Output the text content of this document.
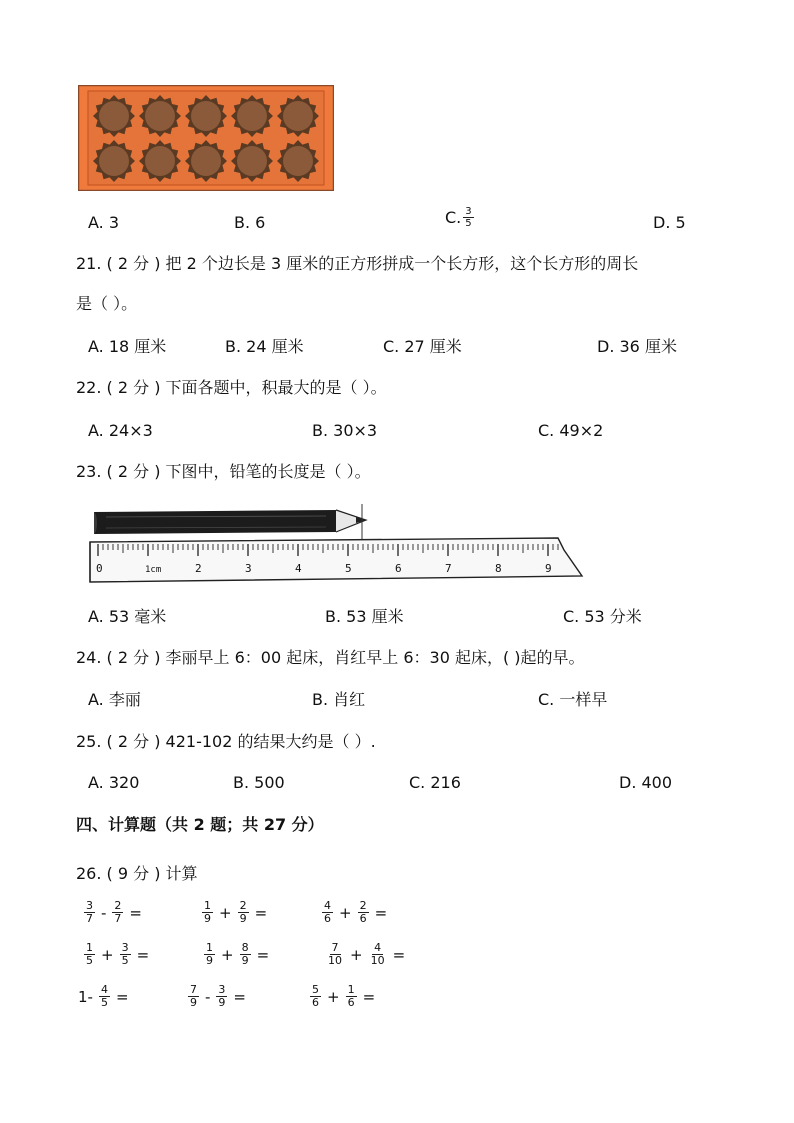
A. 3	B. 6	C. $\frac{3}{5}$	D. 5
21. ( 2 分 ) 把 2 个边长是 3 厘米的正方形拼成一个长方形，这个长方形的周长
是（ ）。
A. 18 厘米	B. 24 厘米	C. 27 厘米	D. 36 厘米
22. ( 2 分 ) 下面各题中，积最大的是（ ）。
A. 24×3	B. 30×3	C. 49×2
23. ( 2 分 ) 下图中，铅笔的长度是（ ）。
0	1cm	2	3	4	5	6	7	8	9
A. 53 毫米	B. 53 厘米	C. 53 分米
24. ( 2 分 ) 李丽早上 6：00 起床，肖红早上 6：30 起床，( )起的早。
A. 李丽	B. 肖红	C. 一样早
25. ( 2 分 ) 421-102 的结果大约是（ ）.
A. 320	B. 500	C. 216	D. 400
四、计算题（共 2 题；共 27 分）
26. ( 9 分 ) 计算
$\frac{3}{7} - \frac{2}{7}$ =	$\frac{1}{9} + \frac{2}{9}$ =	$\frac{4}{6} + \frac{2}{6}$ =
$\frac{1}{5} + \frac{3}{5}$ =	$\frac{1}{9} + \frac{8}{9}$ =	$\frac{7}{10} + \frac{4}{10}$ =
$1- \frac{4}{5}$ =	$\frac{7}{9} - \frac{3}{9}$ =	$\frac{5}{6} + \frac{1}{6}$ =
